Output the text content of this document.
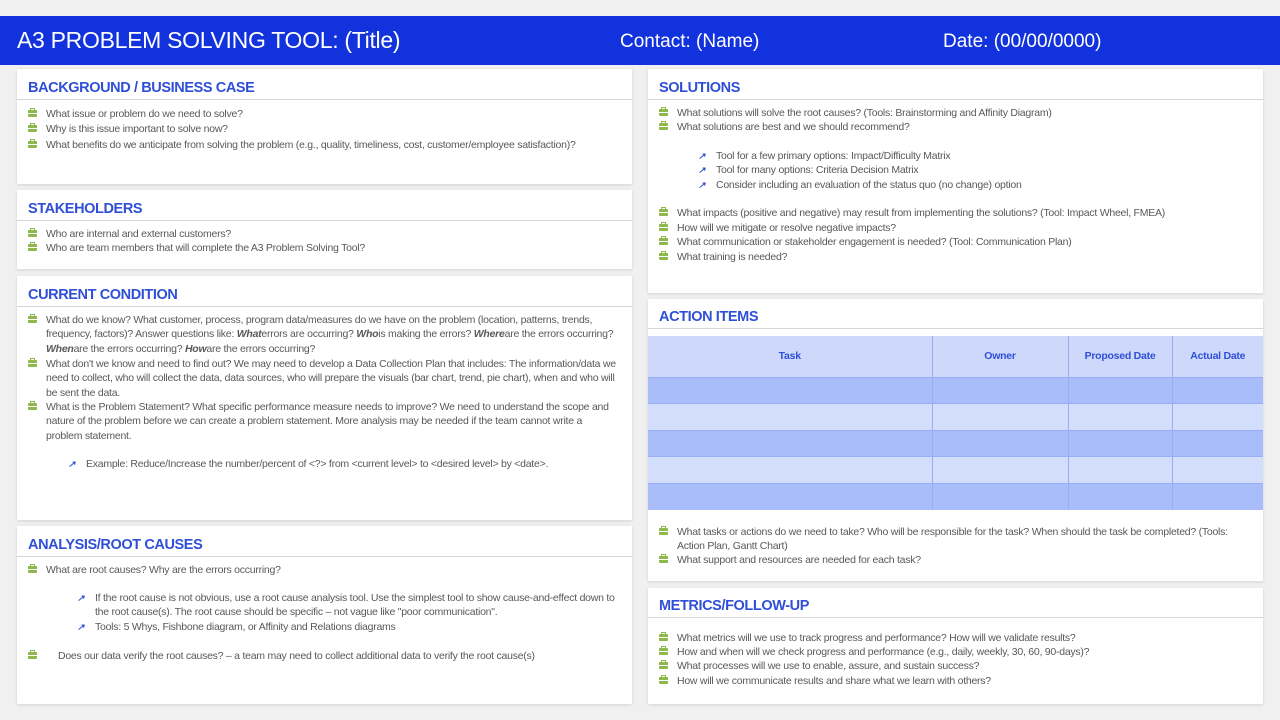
A3 PROBLEM SOLVING TOOL: (Title)	Contact: (Name)	Date: (00/00/0000)
BACKGROUND / BUSINESS CASE
What issue or problem do we need to solve?
Why is this issue important to solve now?
What benefits do we anticipate from solving the problem (e.g., quality, timeliness, cost, customer/employee satisfaction)?
STAKEHOLDERS
Who are internal and external customers?
Who are team members that will complete the A3 Problem Solving Tool?
CURRENT CONDITION
What do we know? What customer, process, program data/measures do we have on the problem (location, patterns, trends, frequency, factors)? Answer questions like: Whaterrors are occurring? Whois making the errors? Whereare the errors occurring? Whenare the errors occurring? Howare the errors occurring?
What don't we know and need to find out? We may need to develop a Data Collection Plan that includes: The information/data we need to collect, who will collect the data, data sources, who will prepare the visuals (bar chart, trend, pie chart), when and who will be sent the data.
What is the Problem Statement? What specific performance measure needs to improve? We need to understand the scope and nature of the problem before we can create a problem statement. More analysis may be needed if the team cannot write a problem statement.
↗ Example: Reduce/Increase the number/percent of <?> from <current level> to <desired level> by <date>.
ANALYSIS/ROOT CAUSES
What are root causes? Why are the errors occurring?
↗ If the root cause is not obvious, use a root cause analysis tool. Use the simplest tool to show cause-and-effect down to the root cause(s). The root cause should be specific – not vague like "poor communication".
↗ Tools: 5 Whys, Fishbone diagram, or Affinity and Relations diagrams
Does our data verify the root causes? – a team may need to collect additional data to verify the root cause(s)
SOLUTIONS
What solutions will solve the root causes? (Tools: Brainstorming and Affinity Diagram)
What solutions are best and we should recommend?
↗ Tool for a few primary options: Impact/Difficulty Matrix
↗ Tool for many options: Criteria Decision Matrix
↗ Consider including an evaluation of the status quo (no change) option
What impacts (positive and negative) may result from implementing the solutions? (Tool: Impact Wheel, FMEA)
How will we mitigate or resolve negative impacts?
What communication or stakeholder engagement is needed? (Tool: Communication Plan)
What training is needed?
ACTION ITEMS
Task	Owner	Proposed Date	Actual Date

What tasks or actions do we need to take? Who will be responsible for the task? When should the task be completed? (Tools: Action Plan, Gantt Chart)
What support and resources are needed for each task?
METRICS/FOLLOW-UP
What metrics will we use to track progress and performance? How will we validate results?
How and when will we check progress and performance (e.g., daily, weekly, 30, 60, 90-days)?
What processes will we use to enable, assure, and sustain success?
How will we communicate results and share what we learn with others?
